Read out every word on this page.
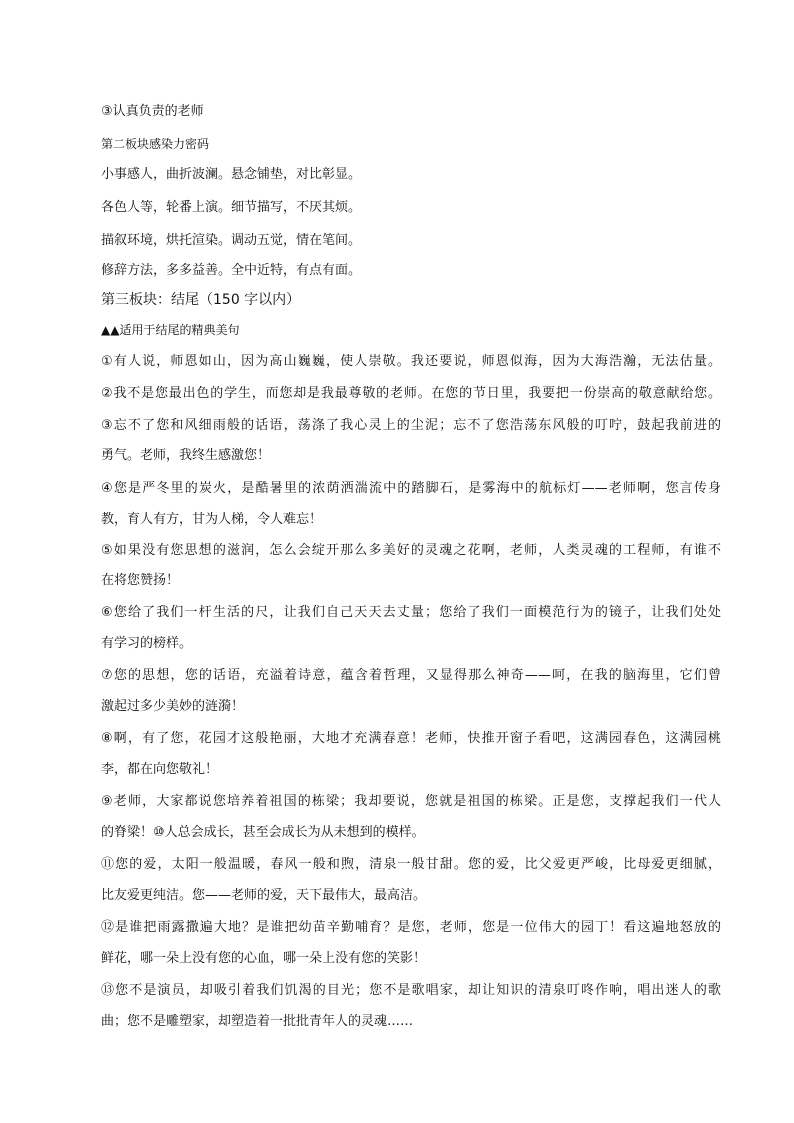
③认真负责的老师
第二板块感染力密码
小事感人，曲折波澜。悬念铺垫，对比彰显。
各色人等，轮番上演。细节描写，不厌其烦。
描叙环境，烘托渲染。调动五觉，情在笔间。
修辞方法，多多益善。全中近特，有点有面。
第三板块：结尾（150 字以内）
▲▲适用于结尾的精典美句
①有人说，师恩如山，因为高山巍巍，使人崇敬。我还要说，师恩似海，因为大海浩瀚，无法估量。
②我不是您最出色的学生，而您却是我最尊敬的老师。在您的节日里，我要把一份崇高的敬意献给您。
③忘不了您和风细雨般的话语，荡涤了我心灵上的尘泥；忘不了您浩荡东风般的叮咛，鼓起我前进的
勇气。老师，我终生感激您！
④您是严冬里的炭火，是酷暑里的浓荫洒湍流中的踏脚石，是雾海中的航标灯——老师啊，您言传身
教，育人有方，甘为人梯，令人难忘！
⑤如果没有您思想的滋润，怎么会绽开那么多美好的灵魂之花啊，老师，人类灵魂的工程师，有谁不
在将您赞扬！
⑥您给了我们一杆生活的尺，让我们自己天天去丈量；您给了我们一面模范行为的镜子，让我们处处
有学习的榜样。
⑦您的思想，您的话语，充溢着诗意，蕴含着哲理，又显得那么神奇——呵，在我的脑海里，它们曾
激起过多少美妙的涟漪！
⑧啊，有了您，花园才这般艳丽，大地才充满春意！老师，快推开窗子看吧，这满园春色，这满园桃
李，都在向您敬礼！
⑨老师，大家都说您培养着祖国的栋梁；我却要说，您就是祖国的栋梁。正是您，支撑起我们一代人
的脊梁！⑩人总会成长，甚至会成长为从未想到的模样。
⑪您的爱，太阳一般温暖，春风一般和煦，清泉一般甘甜。您的爱，比父爱更严峻，比母爱更细腻，
比友爱更纯洁。您——老师的爱，天下最伟大，最高洁。
⑫是谁把雨露撒遍大地？是谁把幼苗辛勤哺育？是您，老师，您是一位伟大的园丁！看这遍地怒放的
鲜花，哪一朵上没有您的心血，哪一朵上没有您的笑影！
⑬您不是演员，却吸引着我们饥渴的目光；您不是歌唱家，却让知识的清泉叮咚作响，唱出迷人的歌
曲；您不是雕塑家，却塑造着一批批青年人的灵魂……
